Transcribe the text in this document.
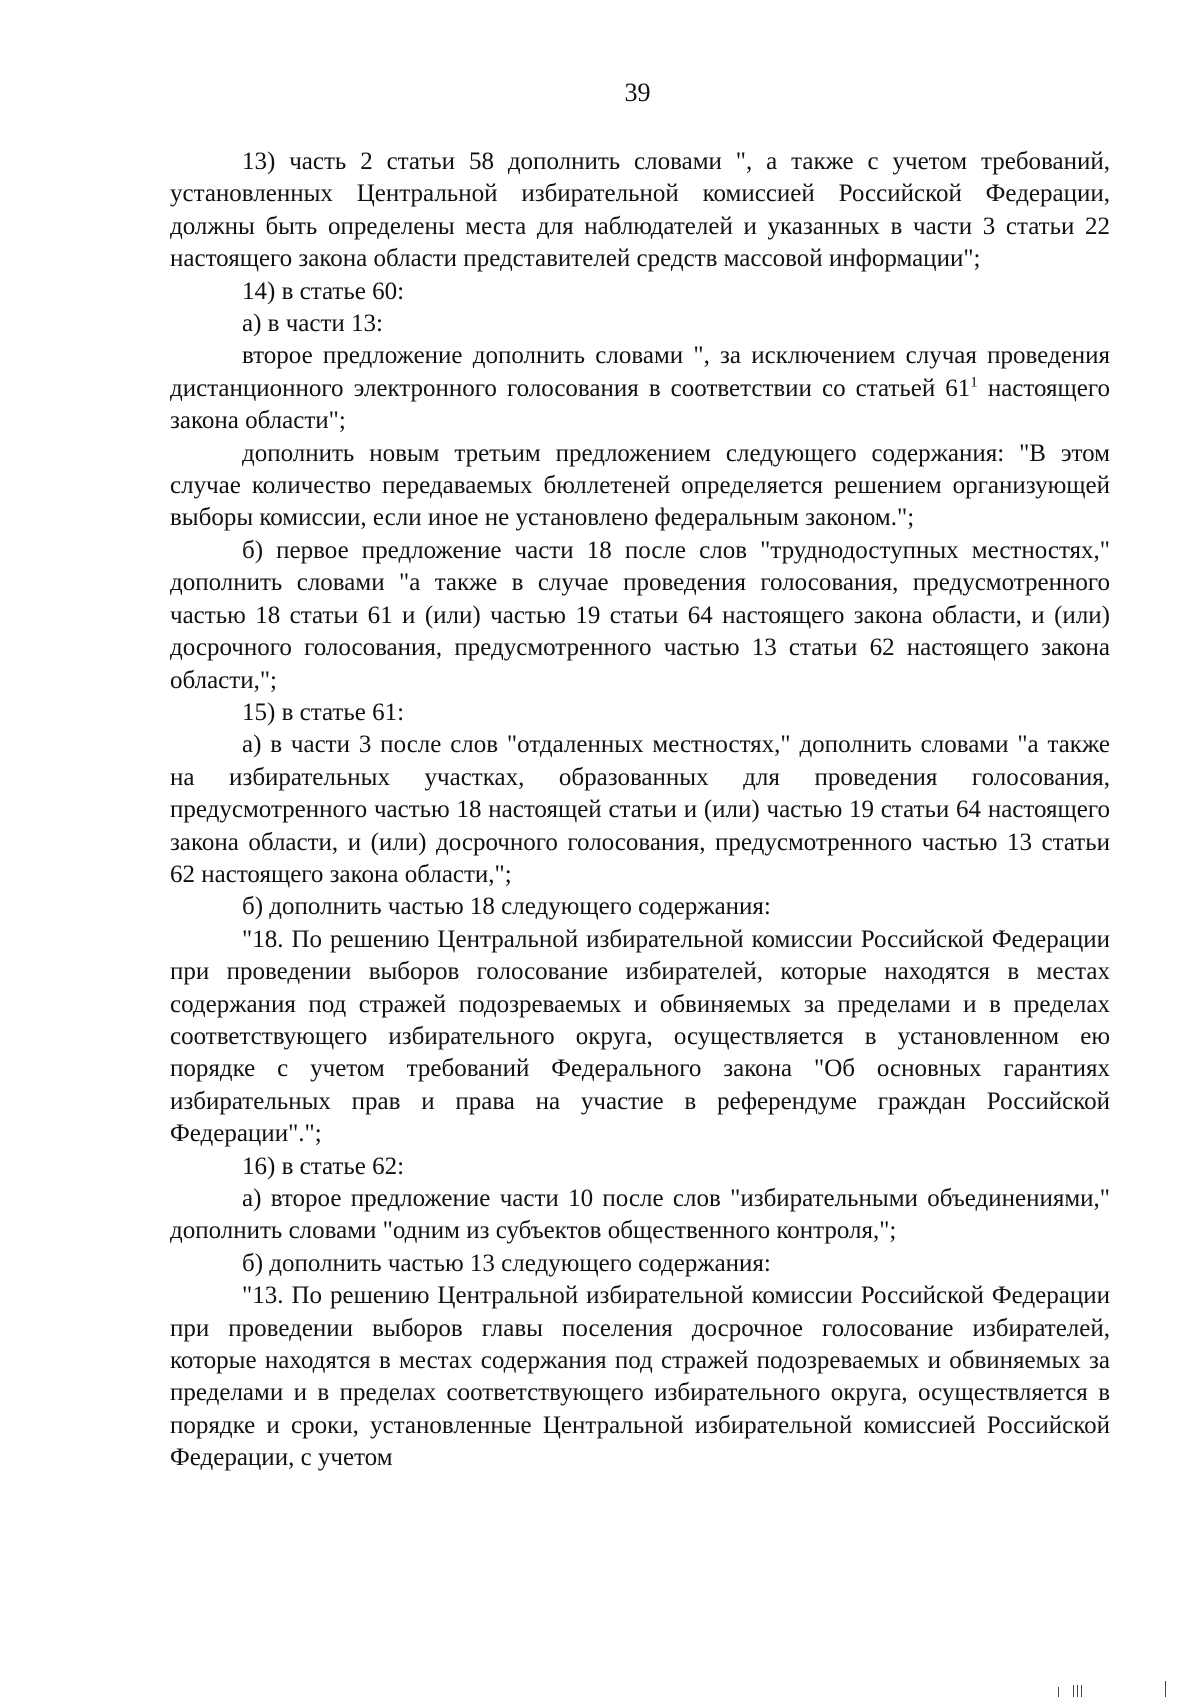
39

13) часть 2 статьи 58 дополнить словами ", а также с учетом требований, установленных Центральной избирательной комиссией Российской Федерации, должны быть определены места для наблюдателей и указанных в части 3 статьи 22 настоящего закона области представителей средств массовой информации";

14) в статье 60:

а) в части 13:

второе предложение дополнить словами ", за исключением случая проведения дистанционного электронного голосования в соответствии со статьей $61^1$ настоящего закона области";

дополнить новым третьим предложением следующего содержания: "В этом случае количество передаваемых бюллетеней определяется решением организующей выборы комиссии, если иное не установлено федеральным законом.";

б) первое предложение части 18 после слов "труднодоступных местностях," дополнить словами "а также в случае проведения голосования, предусмотренного частью 18 статьи 61 и (или) частью 19 статьи 64 настоящего закона области, и (или) досрочного голосования, предусмотренного частью 13 статьи 62 настоящего закона области,";

15) в статье 61:

а) в части 3 после слов "отдаленных местностях," дополнить словами "а также на избирательных участках, образованных для проведения голосования, предусмотренного частью 18 настоящей статьи и (или) частью 19 статьи 64 настоящего закона области, и (или) досрочного голосования, предусмотренного частью 13 статьи 62 настоящего закона области,";

б) дополнить частью 18 следующего содержания:

"18. По решению Центральной избирательной комиссии Российской Федерации при проведении выборов голосование избирателей, которые находятся в местах содержания под стражей подозреваемых и обвиняемых за пределами и в пределах соответствующего избирательного округа, осуществляется в установленном ею порядке с учетом требований Федерального закона "Об основных гарантиях избирательных прав и права на участие в референдуме граждан Российской Федерации".";

16) в статье 62:

а) второе предложение части 10 после слов "избирательными объединениями," дополнить словами "одним из субъектов общественного контроля,";

б) дополнить частью 13 следующего содержания:

"13. По решению Центральной избирательной комиссии Российской Федерации при проведении выборов главы поселения досрочное голосование избирателей, которые находятся в местах содержания под стражей подозреваемых и обвиняемых за пределами и в пределах соответствующего избирательного округа, осуществляется в порядке и сроки, установленные Центральной избирательной комиссией Российской Федерации, с учетом
